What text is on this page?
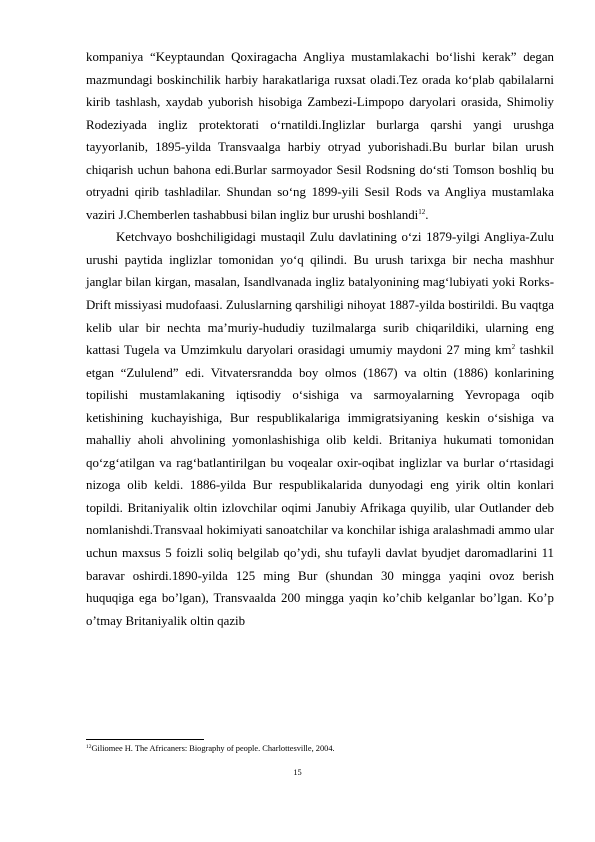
kompaniya “Keyptaundan Qoxiragacha Angliya mustamlakachi boʻlishi kerak” degan mazmundagi boskinchilik harbiy harakatlariga ruxsat oladi.Tez orada koʻplab qabilalarni kirib tashlash, xaydab yuborish hisobiga Zambezi-Limpopo daryolari orasida, Shimoliy Rodeziyada ingliz protektorati oʻrnatildi.Inglizlar burlarga qarshi yangi urushga tayyorlanib, 1895-yilda Transvaalga harbiy otryad yuborishadi.Bu burlar bilan urush chiqarish uchun bahona edi.Burlar sarmoyador Sesil Rodsning doʻsti Tomson boshliq bu otryadni qirib tashladilar. Shundan soʻng 1899-yili Sesil Rods va Angliya mustamlaka vaziri J.Chemberlen tashabbusi bilan ingliz bur urushi boshlandi$^{12}$.

Ketchvayo boshchiligidagi mustaqil Zulu davlatining oʻzi 1879-yilgi Angliya-Zulu urushi paytida inglizlar tomonidan yoʻq qilindi. Bu urush tarixga bir necha mashhur janglar bilan kirgan, masalan, Isandlvanada ingliz batalyonining magʻlubiyati yoki Rorks-Drift missiyasi mudofaasi. Zuluslarning qarshiligi nihoyat 1887-yilda bostirildi. Bu vaqtga kelib ular bir nechta maʼmuriy-hududiy tuzilmalarga surib chiqarildiki, ularning eng kattasi Tugela va Umzimkulu daryolari orasidagi umumiy maydoni 27 ming km$^2$ tashkil etgan “Zululend” edi. Vitvatersrandda boy olmos (1867) va oltin (1886) konlarining topilishi mustamlakaning iqtisodiy oʻsishiga va sarmoyalarning Yevropaga oqib ketishining kuchayishiga, Bur respublikalariga immigratsiyaning keskin oʻsishiga va mahalliy aholi ahvolining yomonlashishiga olib keldi. Britaniya hukumati tomonidan qoʻzgʻatilgan va ragʻbatlantirilgan bu voqealar oxir-oqibat inglizlar va burlar oʻrtasidagi nizoga olib keldi. 1886-yilda Bur respublikalarida dunyodagi eng yirik oltin konlari topildi. Britaniyalik oltin izlovchilar oqimi Janubiy Afrikaga quyilib, ular Outlander deb nomlanishdi.Transvaal hokimiyati sanoatchilar va konchilar ishiga aralashmadi ammo ular uchun maxsus 5 foizli soliq belgilab qo’ydi, shu tufayli davlat byudjet daromadlarini 11 baravar oshirdi.1890-yilda 125 ming Bur (shundan 30 mingga yaqini ovoz berish huquqiga ega bo’lgan), Transvaalda 200 mingga yaqin ko’chib kelganlar bo’lgan. Ko’p o’tmay Britaniyalik oltin qazib

$^{12}$Giliomee H. The Africaners: Biography of people. Charlottesville, 2004.
15
